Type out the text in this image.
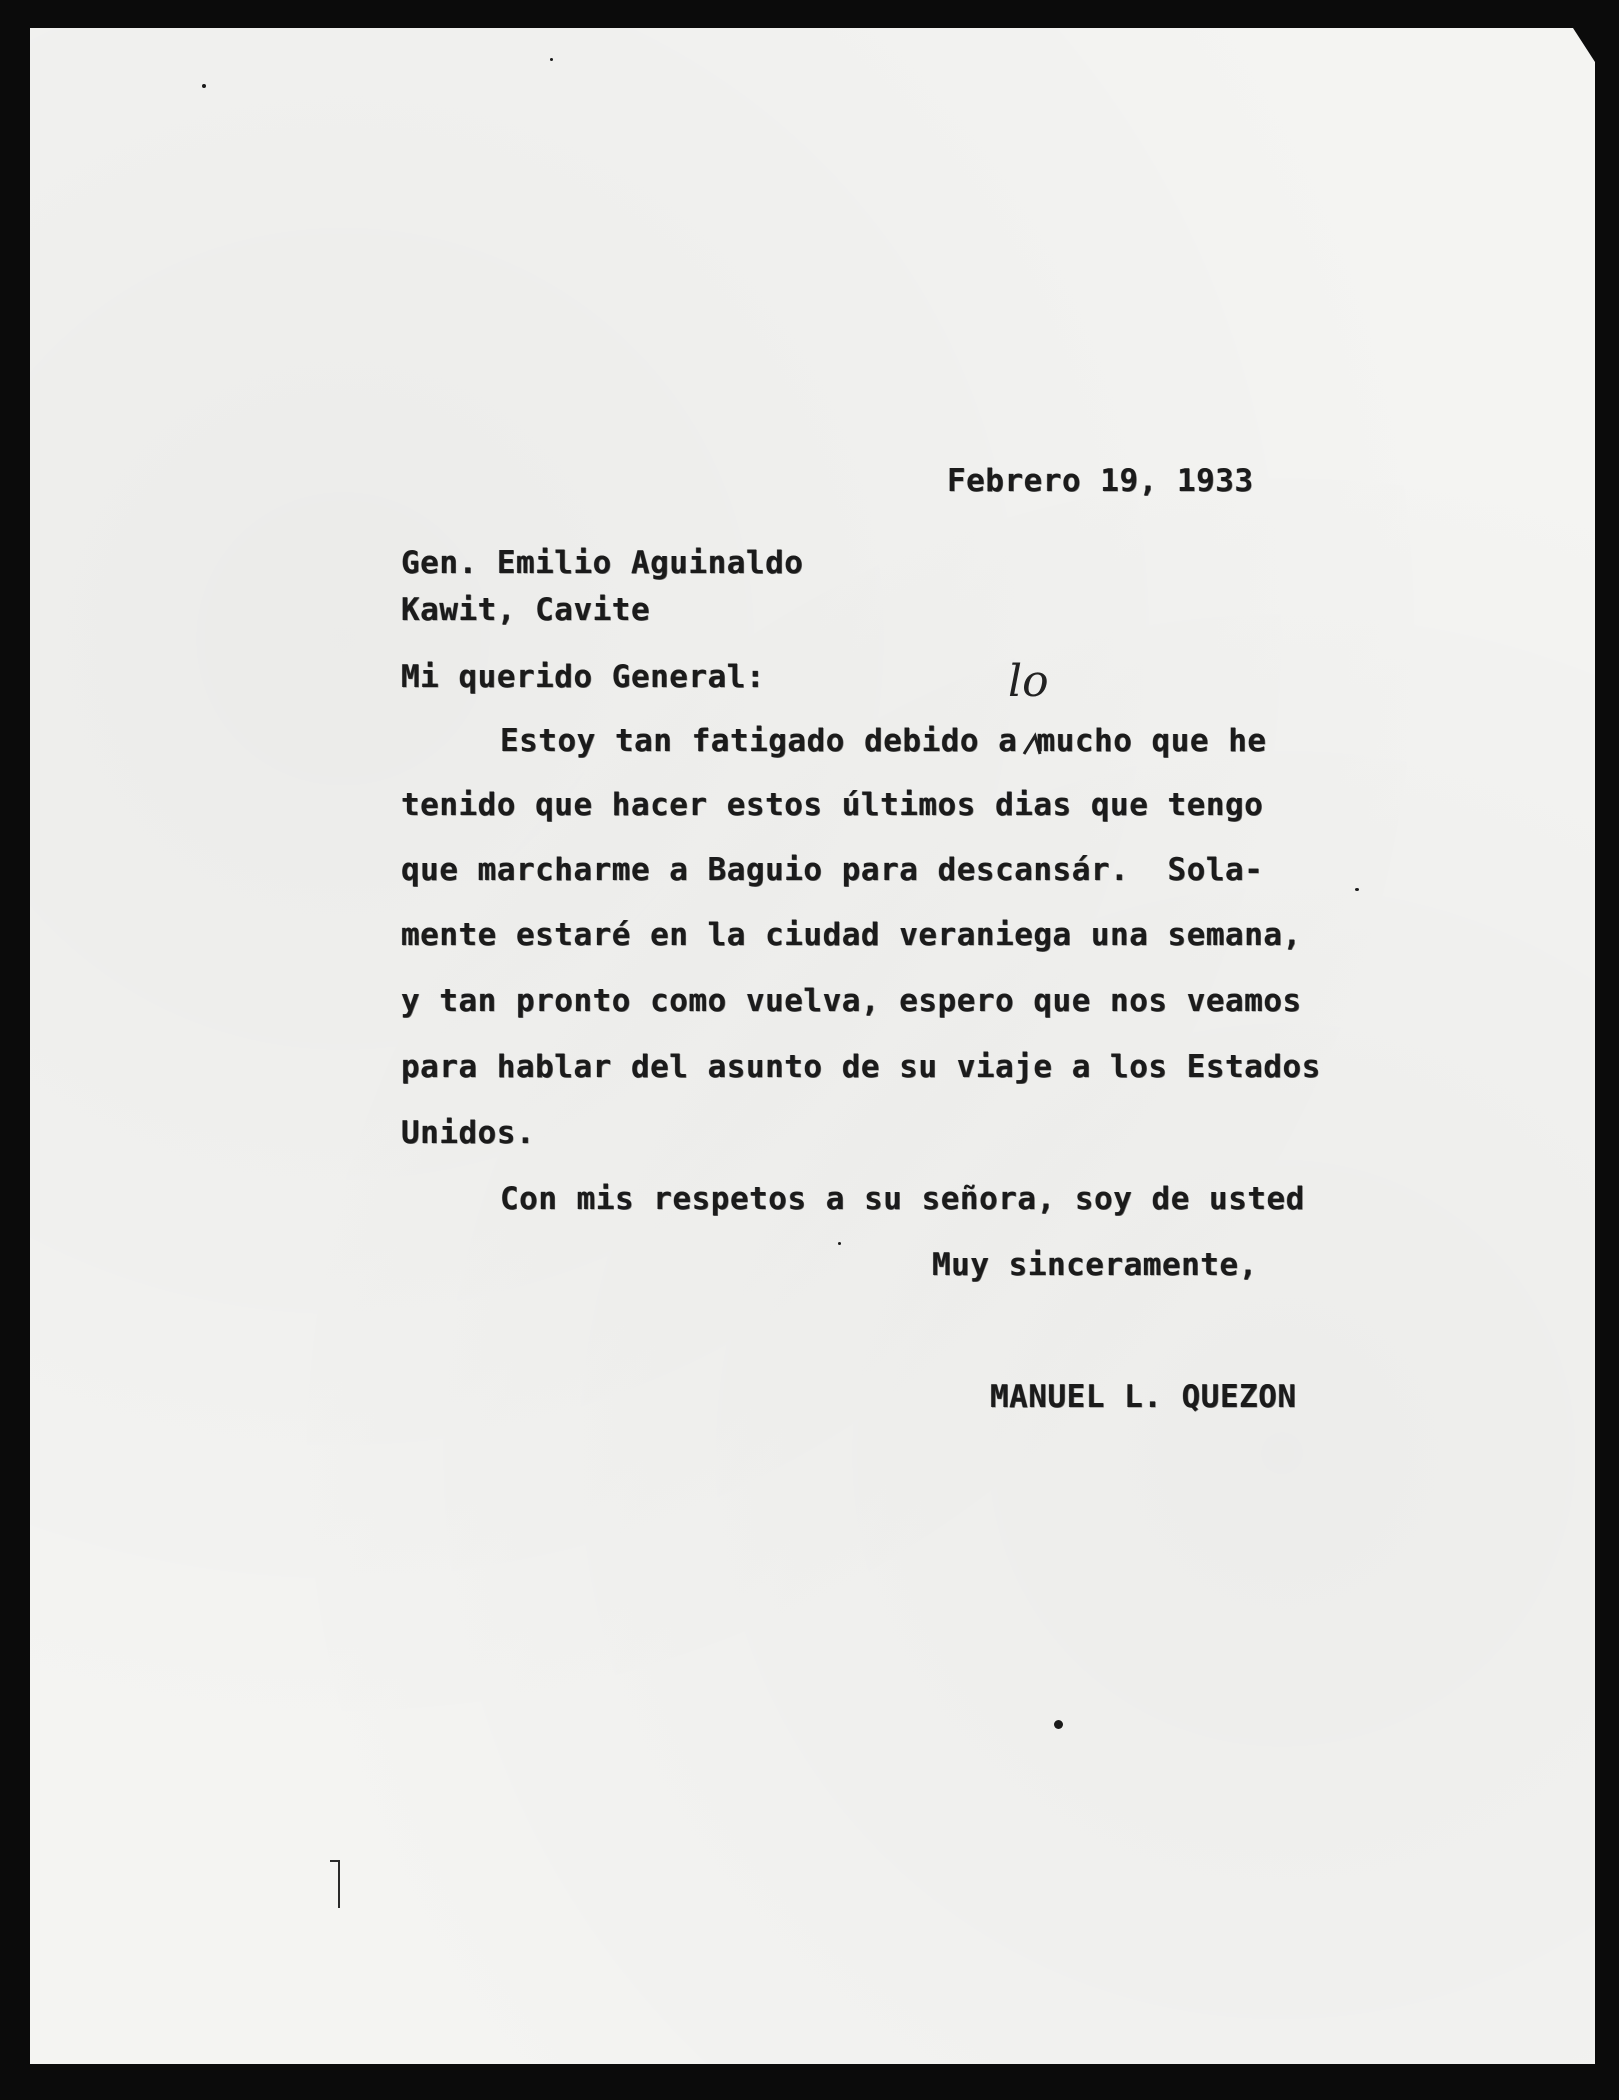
Febrero 19, 1933
Gen. Emilio Aguinaldo
Kawit, Cavite
Mi querido General:	lo
Estoy tan fatigado debido a mucho que he
tenido que hacer estos últimos dias que tengo
que marcharme a Baguio para descansár.  Sola-
mente estaré en la ciudad veraniega una semana,
y tan pronto como vuelva, espero que nos veamos
para hablar del asunto de su viaje a los Estados
Unidos.
Con mis respetos a su señora, soy de usted
Muy sinceramente,
MANUEL L. QUEZON
